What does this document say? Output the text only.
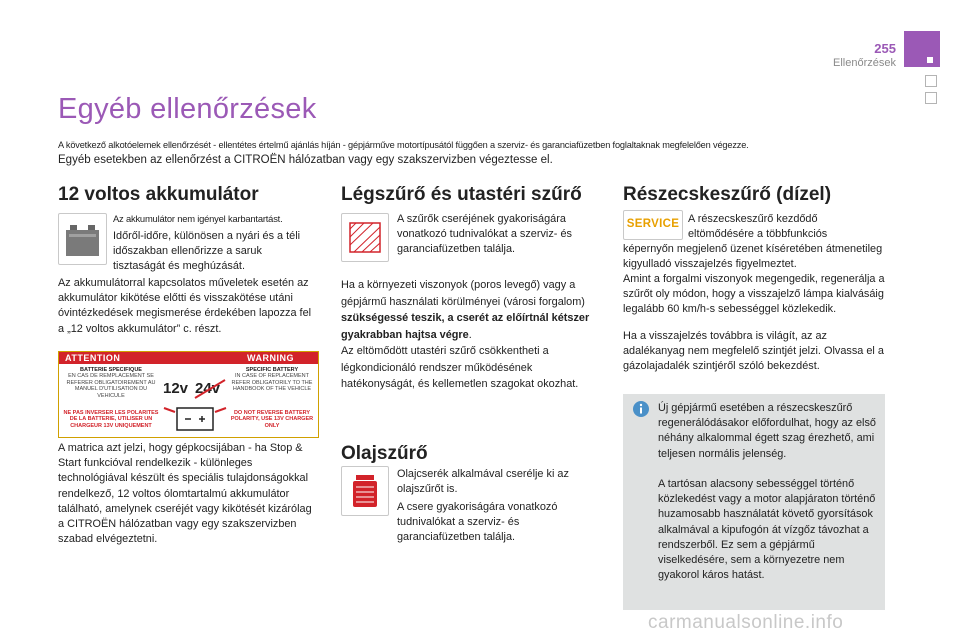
255
Ellenőrzések
Egyéb ellenőrzések
A következő alkotóelemek ellenőrzését - ellentétes értelmű ajánlás híján - gépjárműve motortípusától függően a szerviz- és garanciafüzetben foglaltaknak megfelelően végezze.
Egyéb esetekben az ellenőrzést a CITROËN hálózatban vagy egy szakszervizben végeztesse el.
12 voltos akkumulátor
Az akkumulátor nem igényel karbantartást.
Időről-időre, különösen a nyári és a téli időszakban ellenőrizze a saruk tisztaságát és meghúzását.
Az akkumulátorral kapcsolatos műveletek esetén az akkumulátor kikötése előtti és visszakötése utáni óvintézkedések megismerése érdekében lapozza fel a „12 voltos akkumulátor” c. részt.
ATTENTION	WARNING
BATTERIE SPECIFIQUE
EN CAS DE REMPLACEMENT SE REFERER OBLIGATOIREMENT AU MANUEL D'UTILISATION DU VEHICULE
SPECIFIC BATTERY
IN CASE OF REPLACEMENT REFER OBLIGATORILY TO THE HANDBOOK OF THE VEHICLE
12v 24v
NE PAS INVERSER LES POLARITES DE LA BATTERIE, UTILISER UN CHARGEUR 13V UNIQUEMENT
DO NOT REVERSE BATTERY POLARITY, USE 13V CHARGER ONLY
A matrica azt jelzi, hogy gépkocsijában - ha Stop & Start funkcióval rendelkezik - különleges technológiával készült és speciális tulajdonságokkal rendelkező, 12 voltos ólomtartalmú akkumulátor található, amelynek cseréjét vagy kikötését kizárólag a CITROËN hálózatban vagy egy szakszervizben szabad elvégeztetni.
Légszűrő és utastéri szűrő
A szűrők cseréjének gyakoriságára vonatkozó tudnivalókat a szerviz- és garanciafüzetben találja.
Ha a környezeti viszonyok (poros levegő) vagy a gépjármű használati körülményei (városi forgalom) szükségessé teszik, a cserét az előírtnál kétszer gyakrabban hajtsa végre.
Az eltömődött utastéri szűrő csökkentheti a légkondicionáló rendszer működésének hatékonyságát, és kellemetlen szagokat okozhat.
Olajszűrő
Olajcserék alkalmával cserélje ki az olajszűrőt is.
A csere gyakoriságára vonatkozó tudnivalókat a szerviz- és garanciafüzetben találja.
Részecskeszűrő (dízel)
SERVICE A részecskeszűrő kezdődő eltömődésére a többfunkciós
képernyőn megjelenő üzenet kíséretében átmenetileg kigyulladó visszajelzés figyelmeztet.
Amint a forgalmi viszonyok megengedik, regenerálja a szűrőt oly módon, hogy a visszajelző lámpa kialvásáig legalább 60 km/h-s sebességgel közlekedik.
Ha a visszajelzés továbbra is világít, az az adalékanyag nem megfelelő szintjét jelzi. Olvassa el a gázolajadalék szintjéről szóló bekezdést.
Új gépjármű esetében a részecskeszűrő regenerálódásakor előfordulhat, hogy az első néhány alkalommal égett szag érezhető, ami teljesen normális jelenség.
A tartósan alacsony sebességgel történő közlekedést vagy a motor alapjáraton történő huzamosabb használatát követő gyorsítások alkalmával a kipufogón át vízgőz távozhat a rendszerből. Ez sem a gépjármű viselkedésére, sem a környezetre nem gyakorol káros hatást.
carmanualsonline.info
